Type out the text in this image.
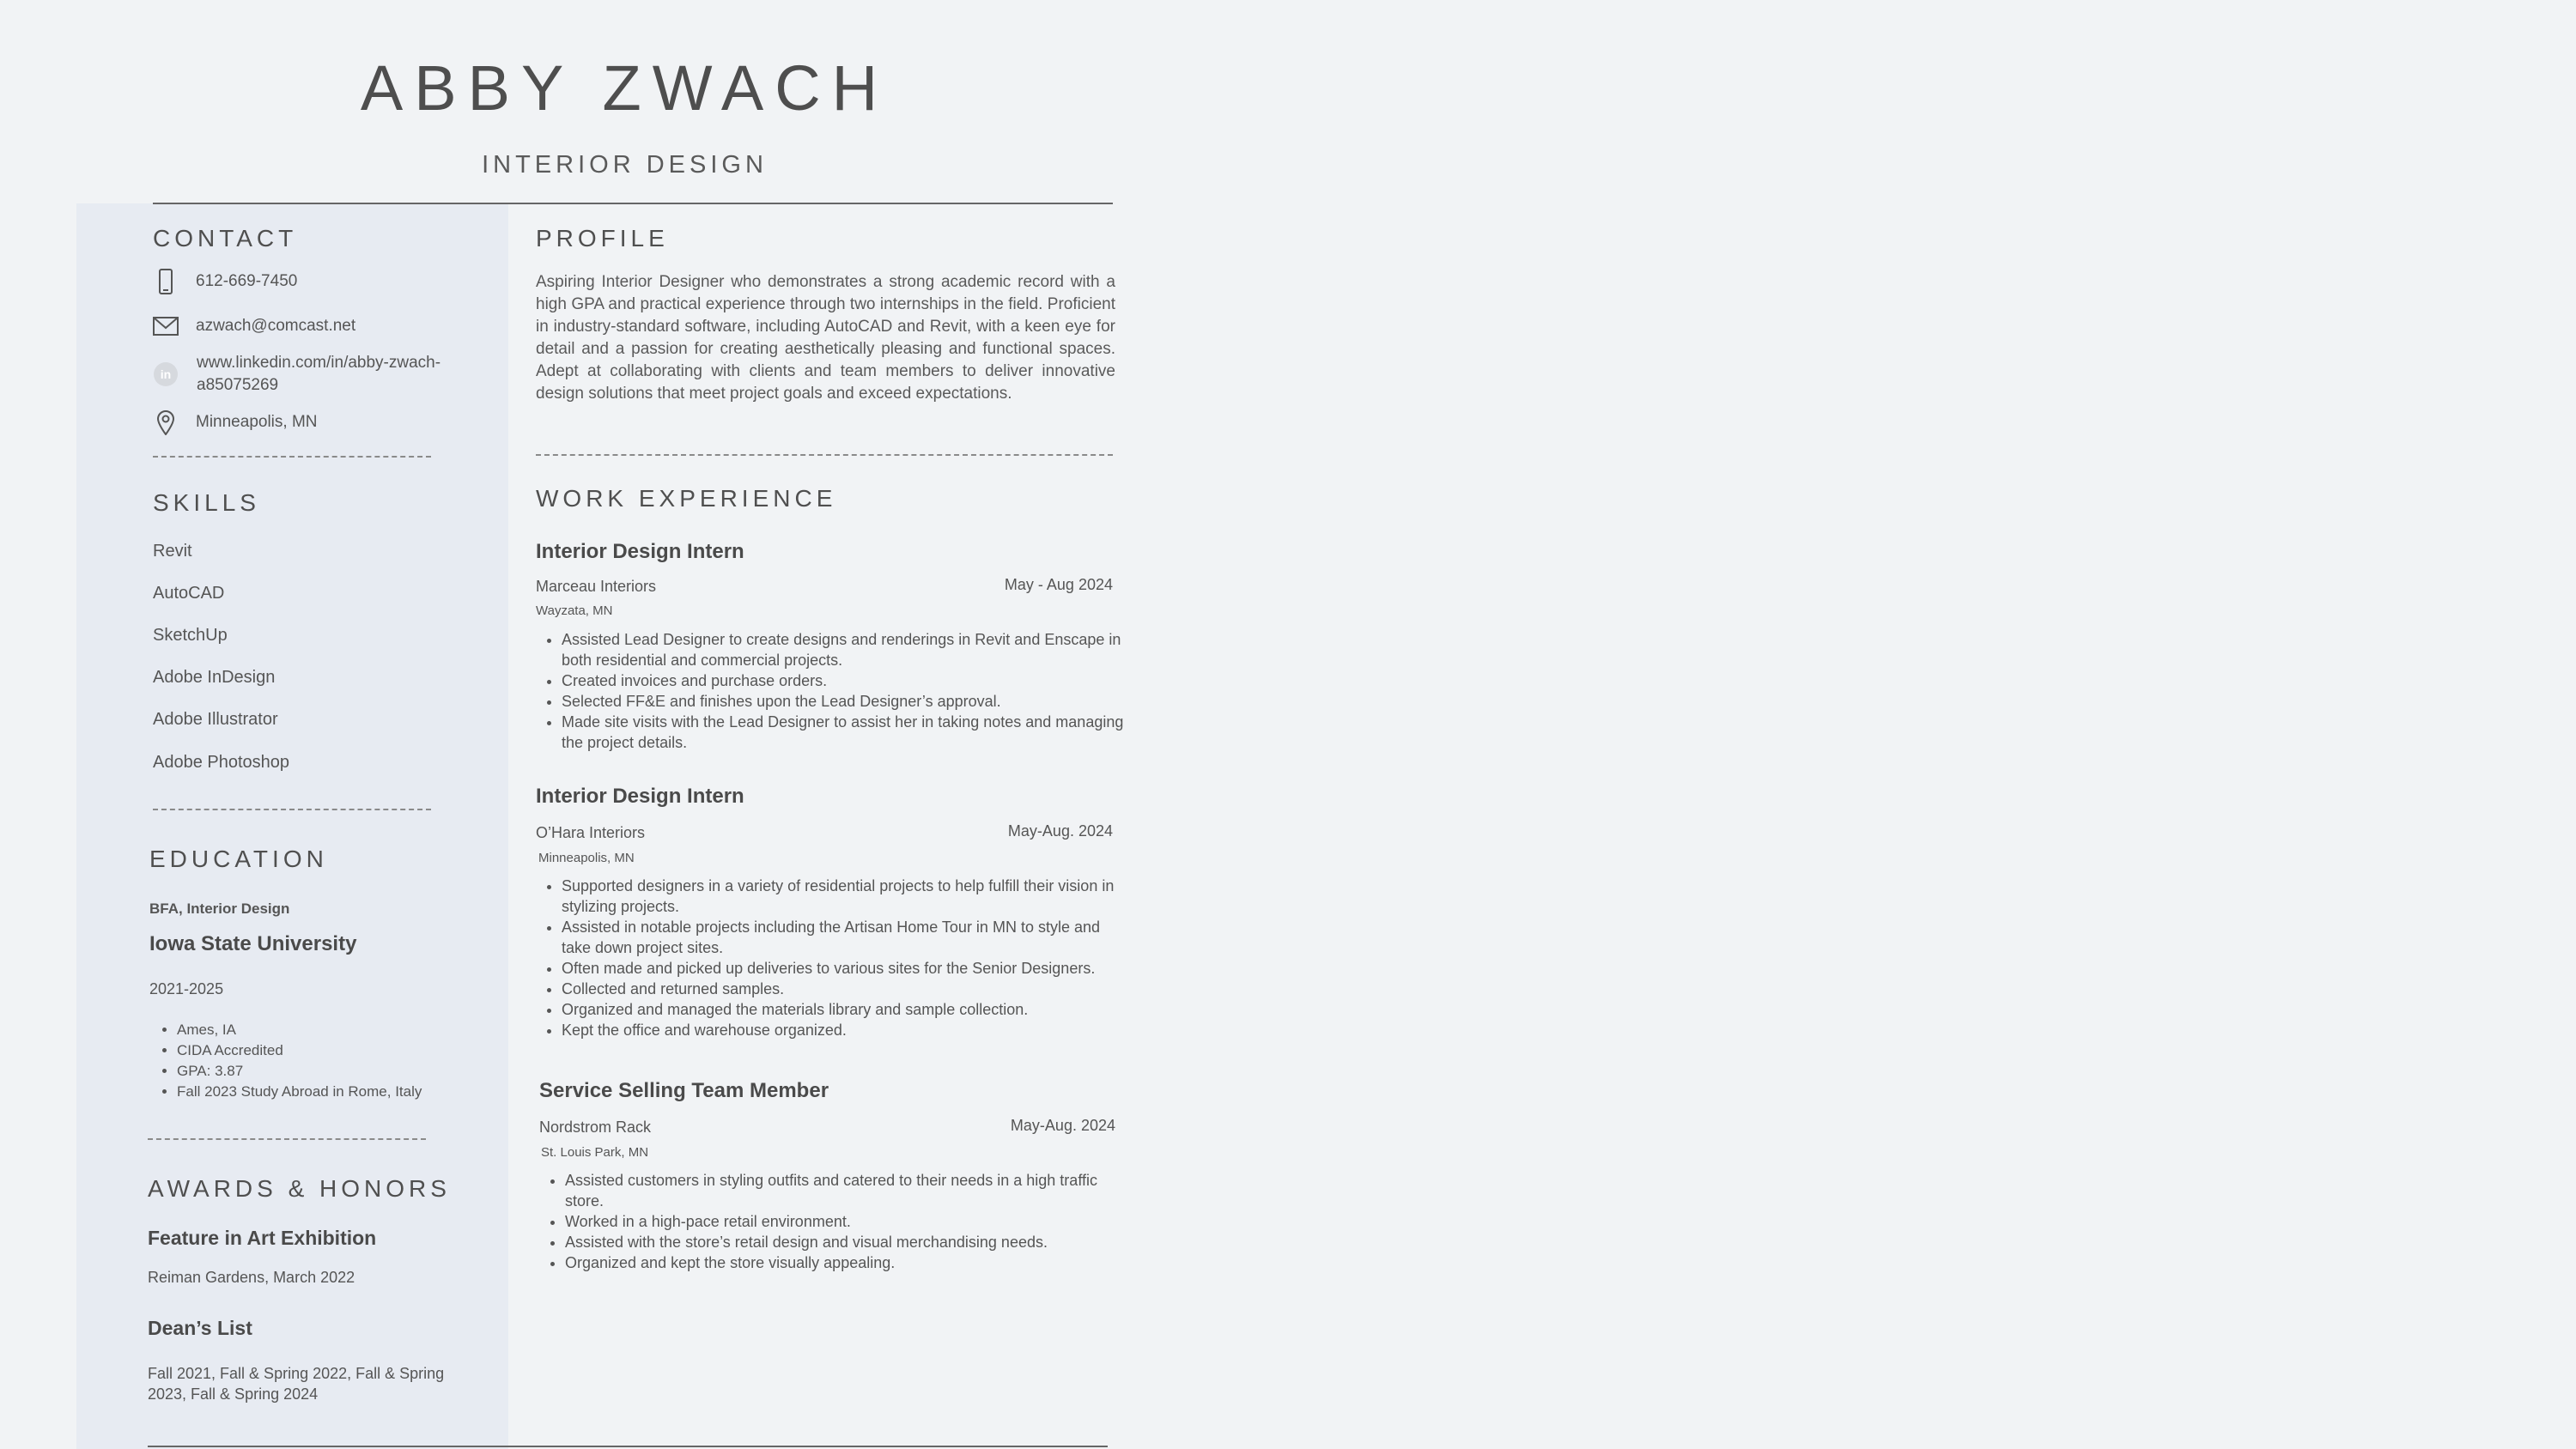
ABBY ZWACH
INTERIOR DESIGN
CONTACT
612-669-7450
azwach@comcast.net
in
www.linkedin.com/in/abby-zwach-
a85075269
Minneapolis, MN
SKILLS
Revit
AutoCAD
SketchUp
Adobe InDesign
Adobe Illustrator
Adobe Photoshop
EDUCATION
BFA, Interior Design
Iowa State University
2021-2025
• Ames, IA
• CIDA Accredited
• GPA: 3.87
• Fall 2023 Study Abroad in Rome, Italy
AWARDS & HONORS
Feature in Art Exhibition
Reiman Gardens, March 2022
Dean’s List
Fall 2021, Fall & Spring 2022, Fall & Spring
2023, Fall & Spring 2024
PROFILE
Aspiring Interior Designer who demonstrates a strong academic record with a high GPA and practical experience through two internships in the field. Proficient in industry-standard software, including AutoCAD and Revit, with a keen eye for detail and a passion for creating aesthetically pleasing and functional spaces. Adept at collaborating with clients and team members to deliver innovative design solutions that meet project goals and exceed expectations.
WORK EXPERIENCE
Interior Design Intern
Marceau Interiors	May - Aug 2024
Wayzata, MN
• Assisted Lead Designer to create designs and renderings in Revit and Enscape in both residential and commercial projects.
• Created invoices and purchase orders.
• Selected FF&E and finishes upon the Lead Designer’s approval.
• Made site visits with the Lead Designer to assist her in taking notes and managing the project details.
Interior Design Intern
O’Hara Interiors	May-Aug. 2024
Minneapolis, MN
• Supported designers in a variety of residential projects to help fulfill their vision in stylizing projects.
• Assisted in notable projects including the Artisan Home Tour in MN to style and take down project sites.
• Often made and picked up deliveries to various sites for the Senior Designers.
• Collected and returned samples.
• Organized and managed the materials library and sample collection.
• Kept the office and warehouse organized.
Service Selling Team Member
Nordstrom Rack	May-Aug. 2024
St. Louis Park, MN
• Assisted customers in styling outfits and catered to their needs in a high traffic store.
• Worked in a high-pace retail environment.
• Assisted with the store’s retail design and visual merchandising needs.
• Organized and kept the store visually appealing.
